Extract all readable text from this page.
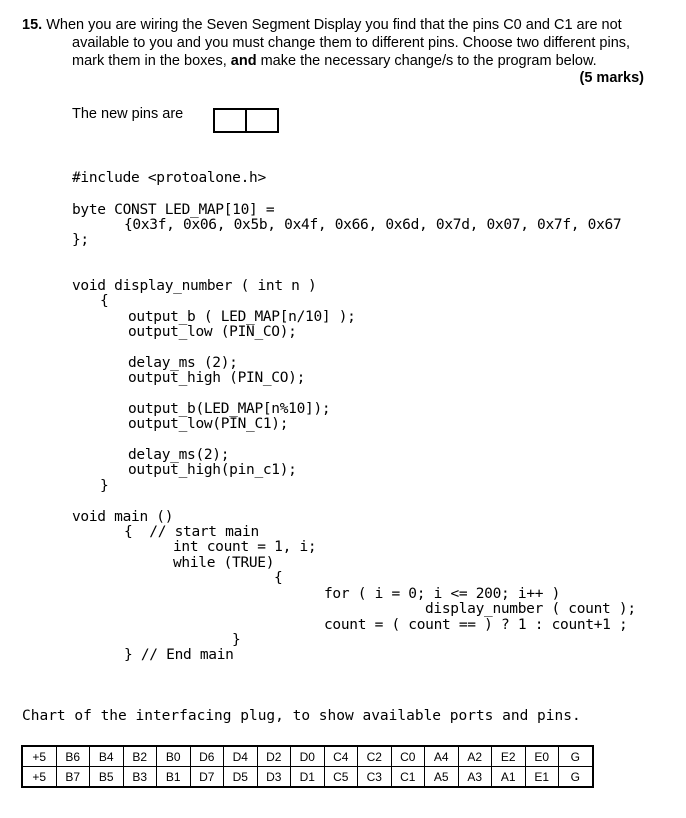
15. When you are wiring the Seven Segment Display you find that the pins C0 and C1 are not
available to you and you must change them to different pins. Choose two different pins,
mark them in the boxes, and make the necessary change/s to the program below.
(5 marks)
The new pins are
#include <protoalone.h>
byte CONST LED_MAP[10] =
{0x3f, 0x06, 0x5b, 0x4f, 0x66, 0x6d, 0x7d, 0x07, 0x7f, 0x67
};
void display_number ( int n )
{
output_b ( LED_MAP[n/10] );
output_low (PIN_CO);
delay_ms (2);
output_high (PIN_CO);
output_b(LED_MAP[n%10]);
output_low(PIN_C1);
delay_ms(2);
output_high(pin_c1);
}
void main ()
{  // start main
int count = 1, i;
while (TRUE)
{
for ( i = 0; i <= 200; i++ )
display_number ( count );
count = ( count == ) ? 1 : count+1 ;
}
} // End main
Chart of the interfacing plug, to show available ports and pins.
+5	B6	B4	B2	B0	D6	D4	D2	D0	C4	C2	C0	A4	A2	E2	E0	G
+5	B7	B5	B3	B1	D7	D5	D3	D1	C5	C3	C1	A5	A3	A1	E1	G
